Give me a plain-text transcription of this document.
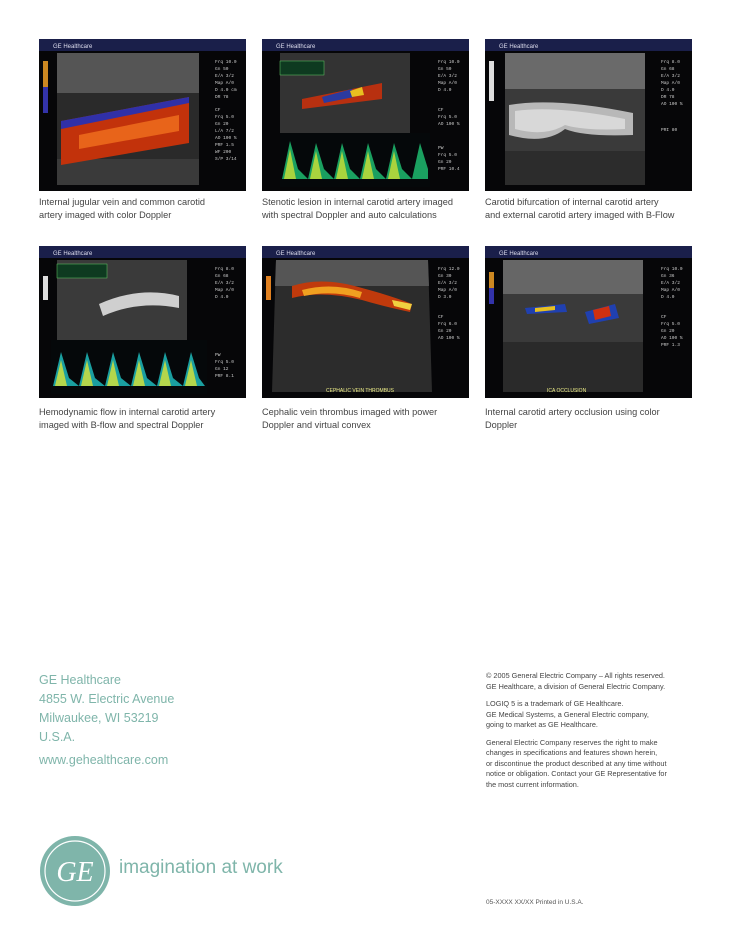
GE Healthcare
Frq 10.0
Gn 50
E/A 3/2
Map A/0
D 4.0 cm
DR 78
CF
Frq 5.0
Gn 20
L/A 7/2
AO 100 %
PRF 1.5
WF 200
S/P 3/14
GE Healthcare
Frq 10.0
Gn 50
E/A 3/2
Map A/0
D 4.0
CF
Frq 5.0
AO 100 %
PW
Frq 5.0
Gn 20
PRF 10.4
GE Healthcare
Frq 8.0
Gn 68
E/A 3/2
Map A/0
D 4.0
DR 78
AO 100 %
PRI 80
GE Healthcare
Frq 8.0
Gn 68
E/A 3/2
Map A/0
D 4.0
PW
Frq 5.0
Gn 12
PRF 8.1
GE Healthcare
CEPHALIC VEIN THROMBUS
Frq 12.0
Gn 30
E/A 3/2
Map A/0
D 3.0
CF
Frq 6.0
Gn 20
AO 100 %
GE Healthcare
ICA OCCLUSION
Frq 10.0
Gn 36
E/A 3/2
Map A/0
D 4.0
CF
Frq 5.0
Gn 20
AO 100 %
PRF 1.3
Internal jugular vein and common carotid
artery imaged with color Doppler
Stenotic lesion in internal carotid artery imaged
with spectral Doppler and auto calculations
Carotid bifurcation of internal carotid artery
and external carotid artery imaged with B-Flow
Hemodynamic flow in internal carotid artery
imaged with B-flow and spectral Doppler
Cephalic vein thrombus imaged with power
Doppler and virtual convex
Internal carotid artery occlusion using color
Doppler
GE Healthcare
4855 W. Electric Avenue
Milwaukee, WI 53219
U.S.A.
www.gehealthcare.com
© 2005 General Electric Company – All rights reserved.
GE Healthcare, a division of General Electric Company.
LOGIQ 5 is a trademark of GE Healthcare.
GE Medical Systems, a General Electric company,
going to market as GE Healthcare.
General Electric Company reserves the right to make
changes in specifications and features shown herein,
or discontinue the product described at any time without
notice or obligation. Contact your GE Representative for
the most current information.
GE imagination at work
05-XXXX XX/XX Printed in U.S.A.
